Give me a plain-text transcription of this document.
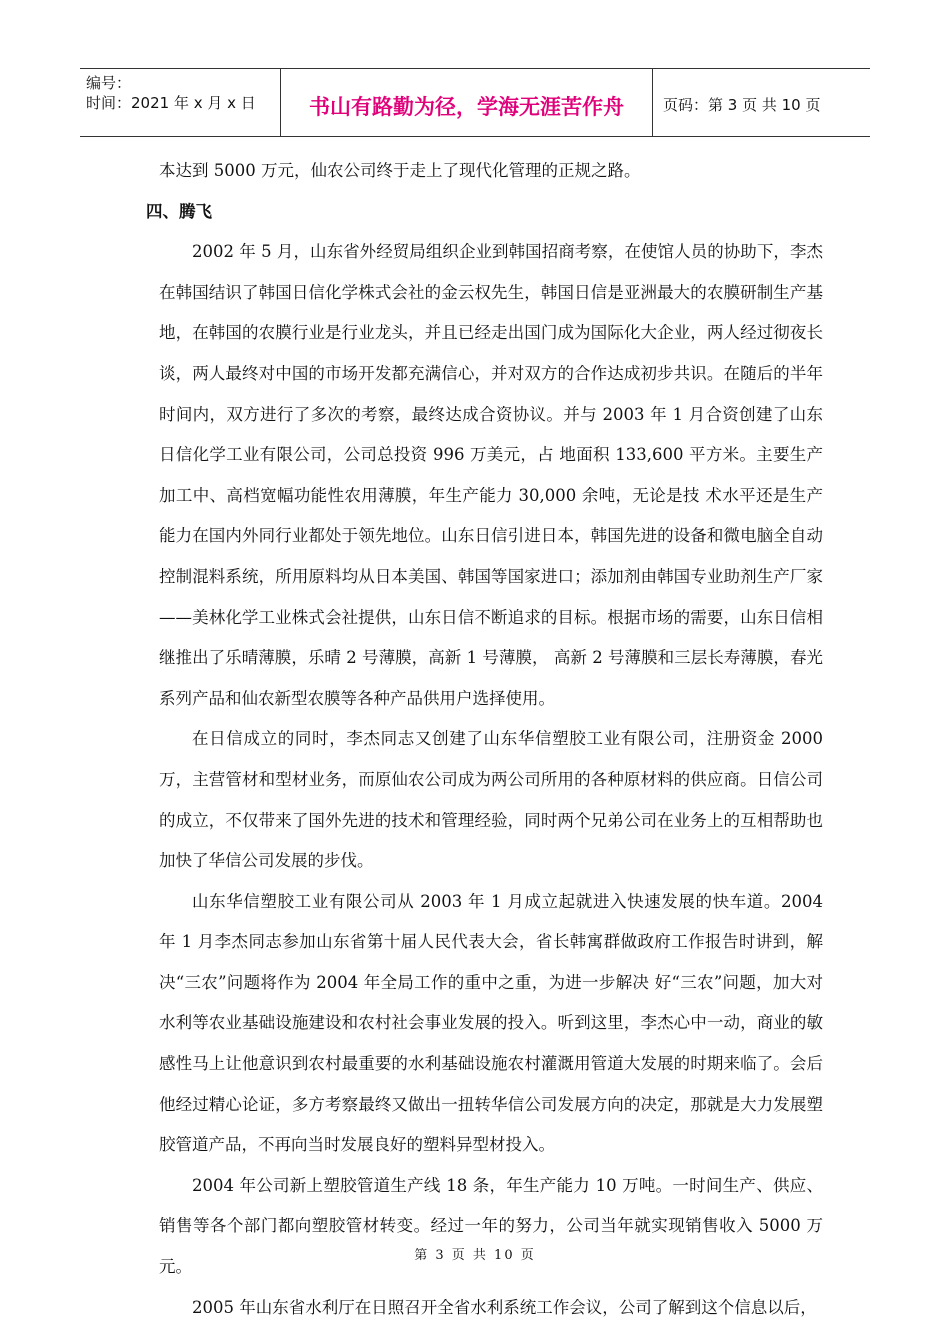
编号：
时间：2021 年 x 月 x 日	书山有路勤为径，学海无涯苦作舟	页码：第 3 页 共 10 页

本达到 5000 万元，仙农公司终于走上了现代化管理的正规之路。

四、腾飞

2002 年 5 月，山东省外经贸局组织企业到韩国招商考察，在使馆人员的协助下，李杰在韩国结识了韩国日信化学株式会社的金云权先生，韩国日信是亚洲最大的农膜研制生产基地，在韩国的农膜行业是行业龙头，并且已经走出国门成为国际化大企业，两人经过彻夜长谈，两人最终对中国的市场开发都充满信心，并对双方的合作达成初步共识。在随后的半年时间内，双方进行了多次的考察，最终达成合资协议。并与 2003 年 1 月合资创建了山东日信化学工业有限公司，公司总投资 996 万美元，占 地面积 133,600 平方米。主要生产加工中、高档宽幅功能性农用薄膜，年生产能力 30,000 余吨，无论是技 术水平还是生产能力在国内外同行业都处于领先地位。山东日信引进日本，韩国先进的设备和微电脑全自动控制混料系统，所用原料均从日本美国、韩国等国家进口；添加剂由韩国专业助剂生产厂家——美林化学工业株式会社提供，山东日信不断追求的目标。根据市场的需要，山东日信相继推出了乐晴薄膜，乐晴 2 号薄膜，高新 1 号薄膜， 高新 2 号薄膜和三层长寿薄膜，春光系列产品和仙农新型农膜等各种产品供用户选择使用。

在日信成立的同时，李杰同志又创建了山东华信塑胶工业有限公司，注册资金 2000 万，主营管材和型材业务，而原仙农公司成为两公司所用的各种原材料的供应商。日信公司的成立，不仅带来了国外先进的技术和管理经验，同时两个兄弟公司在业务上的互相帮助也加快了华信公司发展的步伐。

山东华信塑胶工业有限公司从 2003 年 1 月成立起就进入快速发展的快车道。2004 年 1 月李杰同志参加山东省第十届人民代表大会，省长韩寓群做政府工作报告时讲到，解决“三农”问题将作为 2004 年全局工作的重中之重，为进一步解决 好“三农”问题，加大对水利等农业基础设施建设和农村社会事业发展的投入。听到这里，李杰心中一动，商业的敏感性马上让他意识到农村最重要的水利基础设施农村灌溉用管道大发展的时期来临了。会后他经过精心论证，多方考察最终又做出一扭转华信公司发展方向的决定，那就是大力发展塑胶管道产品，不再向当时发展良好的塑料异型材投入。

2004 年公司新上塑胶管道生产线 18 条，年生产能力 10 万吨。一时间生产、供应、销售等各个部门都向塑胶管材转变。经过一年的努力，公司当年就实现销售收入 5000 万元。

2005 年山东省水利厅在日照召开全省水利系统工作会议，公司了解到这个信息以后，

第 3 页 共 10 页
